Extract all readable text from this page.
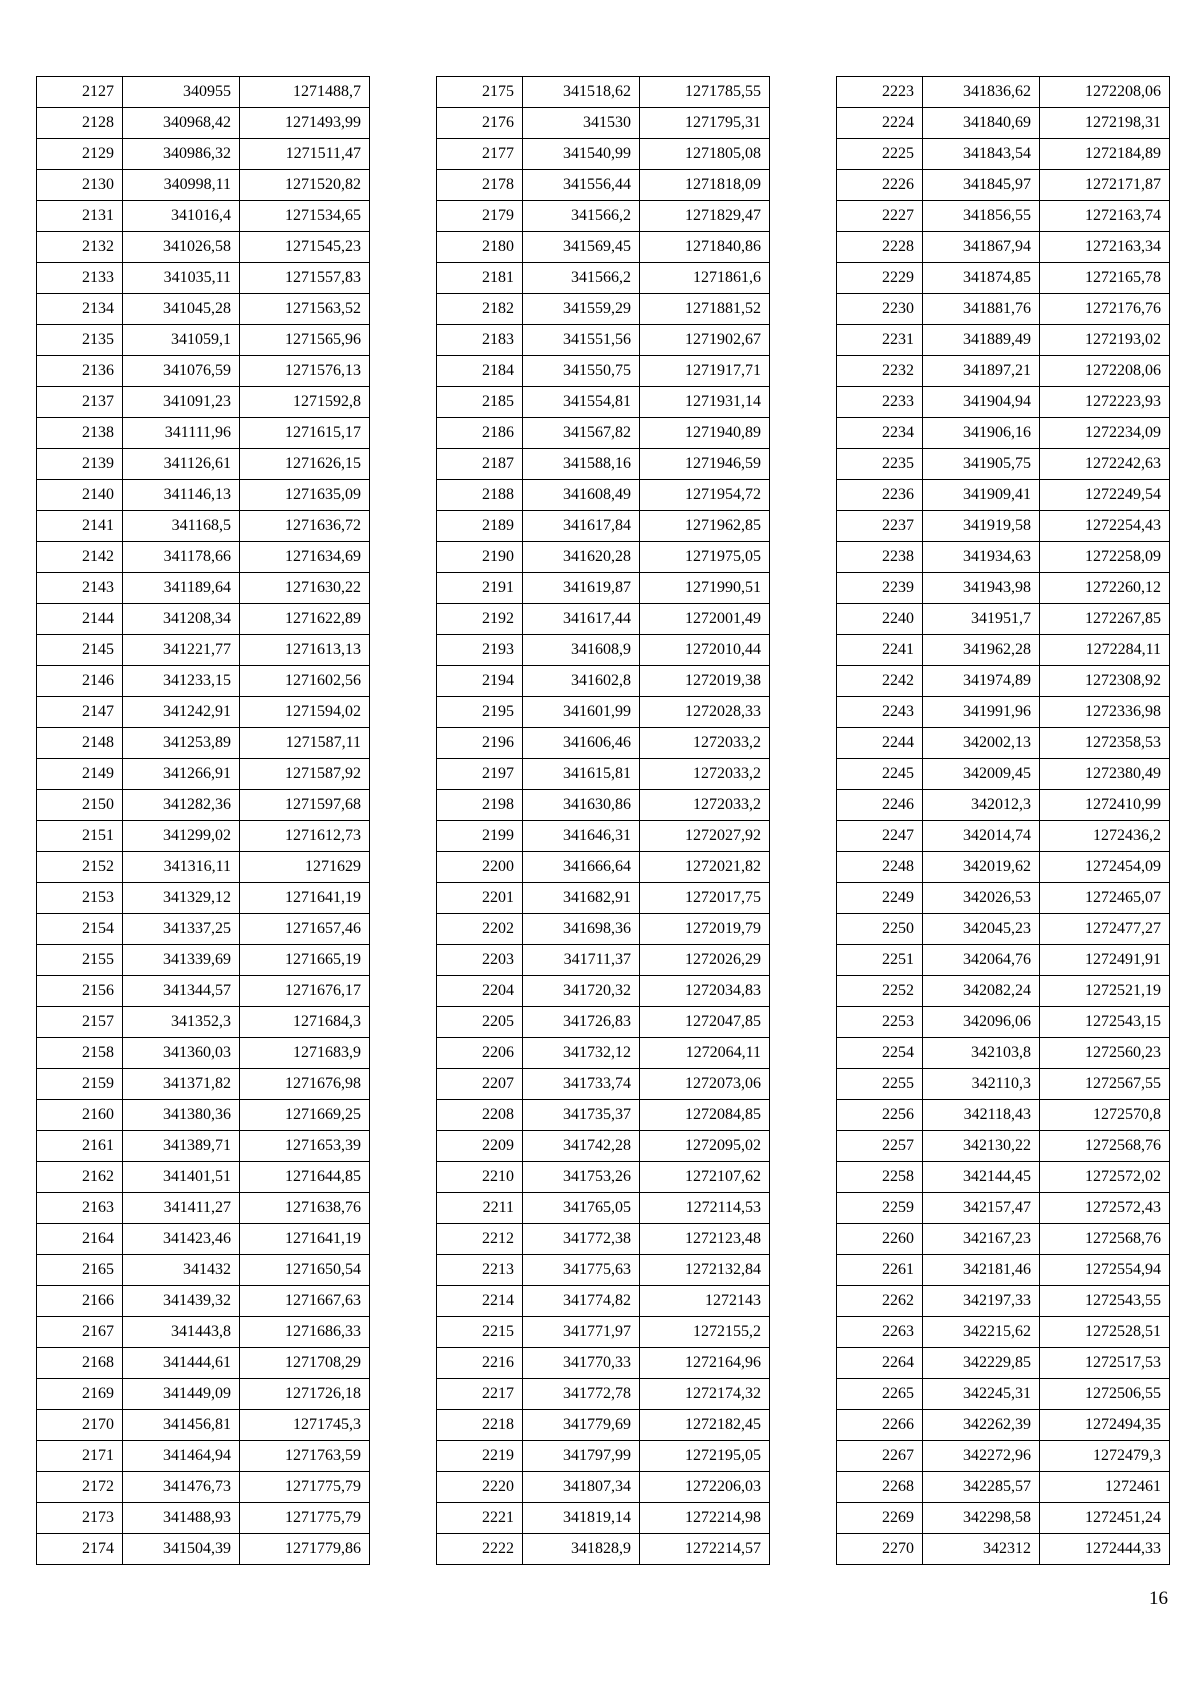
2127	340955	1271488,7
2128	340968,42	1271493,99
2129	340986,32	1271511,47
2130	340998,11	1271520,82
2131	341016,4	1271534,65
2132	341026,58	1271545,23
2133	341035,11	1271557,83
2134	341045,28	1271563,52
2135	341059,1	1271565,96
2136	341076,59	1271576,13
2137	341091,23	1271592,8
2138	341111,96	1271615,17
2139	341126,61	1271626,15
2140	341146,13	1271635,09
2141	341168,5	1271636,72
2142	341178,66	1271634,69
2143	341189,64	1271630,22
2144	341208,34	1271622,89
2145	341221,77	1271613,13
2146	341233,15	1271602,56
2147	341242,91	1271594,02
2148	341253,89	1271587,11
2149	341266,91	1271587,92
2150	341282,36	1271597,68
2151	341299,02	1271612,73
2152	341316,11	1271629
2153	341329,12	1271641,19
2154	341337,25	1271657,46
2155	341339,69	1271665,19
2156	341344,57	1271676,17
2157	341352,3	1271684,3
2158	341360,03	1271683,9
2159	341371,82	1271676,98
2160	341380,36	1271669,25
2161	341389,71	1271653,39
2162	341401,51	1271644,85
2163	341411,27	1271638,76
2164	341423,46	1271641,19
2165	341432	1271650,54
2166	341439,32	1271667,63
2167	341443,8	1271686,33
2168	341444,61	1271708,29
2169	341449,09	1271726,18
2170	341456,81	1271745,3
2171	341464,94	1271763,59
2172	341476,73	1271775,79
2173	341488,93	1271775,79
2174	341504,39	1271779,86
2175	341518,62	1271785,55
2176	341530	1271795,31
2177	341540,99	1271805,08
2178	341556,44	1271818,09
2179	341566,2	1271829,47
2180	341569,45	1271840,86
2181	341566,2	1271861,6
2182	341559,29	1271881,52
2183	341551,56	1271902,67
2184	341550,75	1271917,71
2185	341554,81	1271931,14
2186	341567,82	1271940,89
2187	341588,16	1271946,59
2188	341608,49	1271954,72
2189	341617,84	1271962,85
2190	341620,28	1271975,05
2191	341619,87	1271990,51
2192	341617,44	1272001,49
2193	341608,9	1272010,44
2194	341602,8	1272019,38
2195	341601,99	1272028,33
2196	341606,46	1272033,2
2197	341615,81	1272033,2
2198	341630,86	1272033,2
2199	341646,31	1272027,92
2200	341666,64	1272021,82
2201	341682,91	1272017,75
2202	341698,36	1272019,79
2203	341711,37	1272026,29
2204	341720,32	1272034,83
2205	341726,83	1272047,85
2206	341732,12	1272064,11
2207	341733,74	1272073,06
2208	341735,37	1272084,85
2209	341742,28	1272095,02
2210	341753,26	1272107,62
2211	341765,05	1272114,53
2212	341772,38	1272123,48
2213	341775,63	1272132,84
2214	341774,82	1272143
2215	341771,97	1272155,2
2216	341770,33	1272164,96
2217	341772,78	1272174,32
2218	341779,69	1272182,45
2219	341797,99	1272195,05
2220	341807,34	1272206,03
2221	341819,14	1272214,98
2222	341828,9	1272214,57
2223	341836,62	1272208,06
2224	341840,69	1272198,31
2225	341843,54	1272184,89
2226	341845,97	1272171,87
2227	341856,55	1272163,74
2228	341867,94	1272163,34
2229	341874,85	1272165,78
2230	341881,76	1272176,76
2231	341889,49	1272193,02
2232	341897,21	1272208,06
2233	341904,94	1272223,93
2234	341906,16	1272234,09
2235	341905,75	1272242,63
2236	341909,41	1272249,54
2237	341919,58	1272254,43
2238	341934,63	1272258,09
2239	341943,98	1272260,12
2240	341951,7	1272267,85
2241	341962,28	1272284,11
2242	341974,89	1272308,92
2243	341991,96	1272336,98
2244	342002,13	1272358,53
2245	342009,45	1272380,49
2246	342012,3	1272410,99
2247	342014,74	1272436,2
2248	342019,62	1272454,09
2249	342026,53	1272465,07
2250	342045,23	1272477,27
2251	342064,76	1272491,91
2252	342082,24	1272521,19
2253	342096,06	1272543,15
2254	342103,8	1272560,23
2255	342110,3	1272567,55
2256	342118,43	1272570,8
2257	342130,22	1272568,76
2258	342144,45	1272572,02
2259	342157,47	1272572,43
2260	342167,23	1272568,76
2261	342181,46	1272554,94
2262	342197,33	1272543,55
2263	342215,62	1272528,51
2264	342229,85	1272517,53
2265	342245,31	1272506,55
2266	342262,39	1272494,35
2267	342272,96	1272479,3
2268	342285,57	1272461
2269	342298,58	1272451,24
2270	342312	1272444,33
16
